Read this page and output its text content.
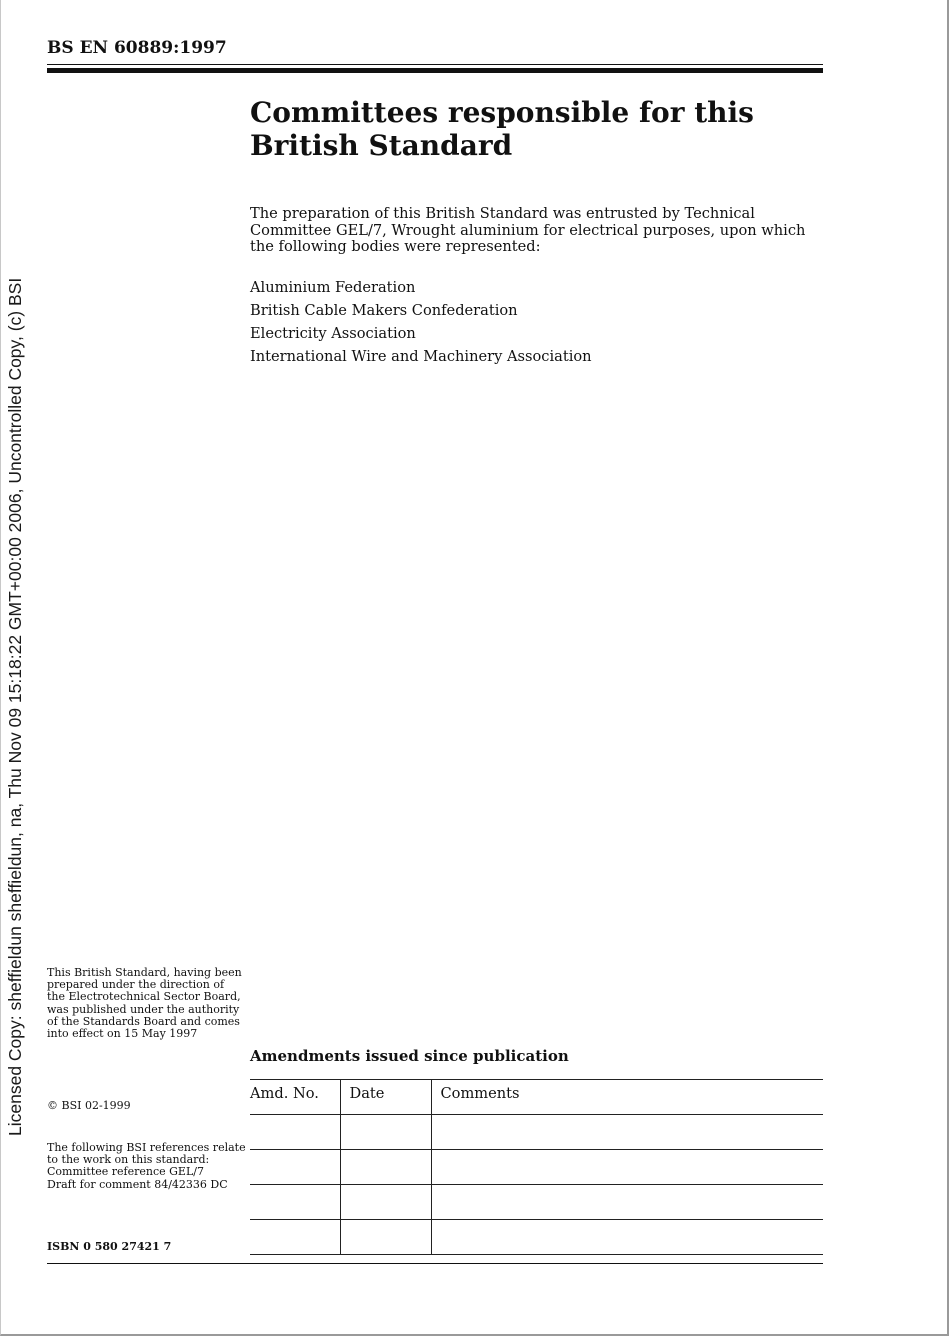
Licensed Copy: sheffieldun sheffieldun, na, Thu Nov 09 15:18:22 GMT+00:00 2006, Uncontrolled Copy, (c) BSI
BS EN 60889:1997
Committees responsible for this
British Standard
The preparation of this British Standard was entrusted by Technical Committee GEL/7, Wrought aluminium for electrical purposes, upon which the following bodies were represented:
Aluminium Federation
British Cable Makers Confederation
Electricity Association
International Wire and Machinery Association
This British Standard, having been prepared under the direction of the Electrotechnical Sector Board, was published under the authority of the Standards Board and comes into effect on 15 May 1997
© BSI 02-1999
The following BSI references relate to the work on this standard:
Committee reference GEL/7
Draft for comment 84/42336 DC
ISBN 0 580 27421 7
Amendments issued since publication
Amd. No.	Date	Comments
